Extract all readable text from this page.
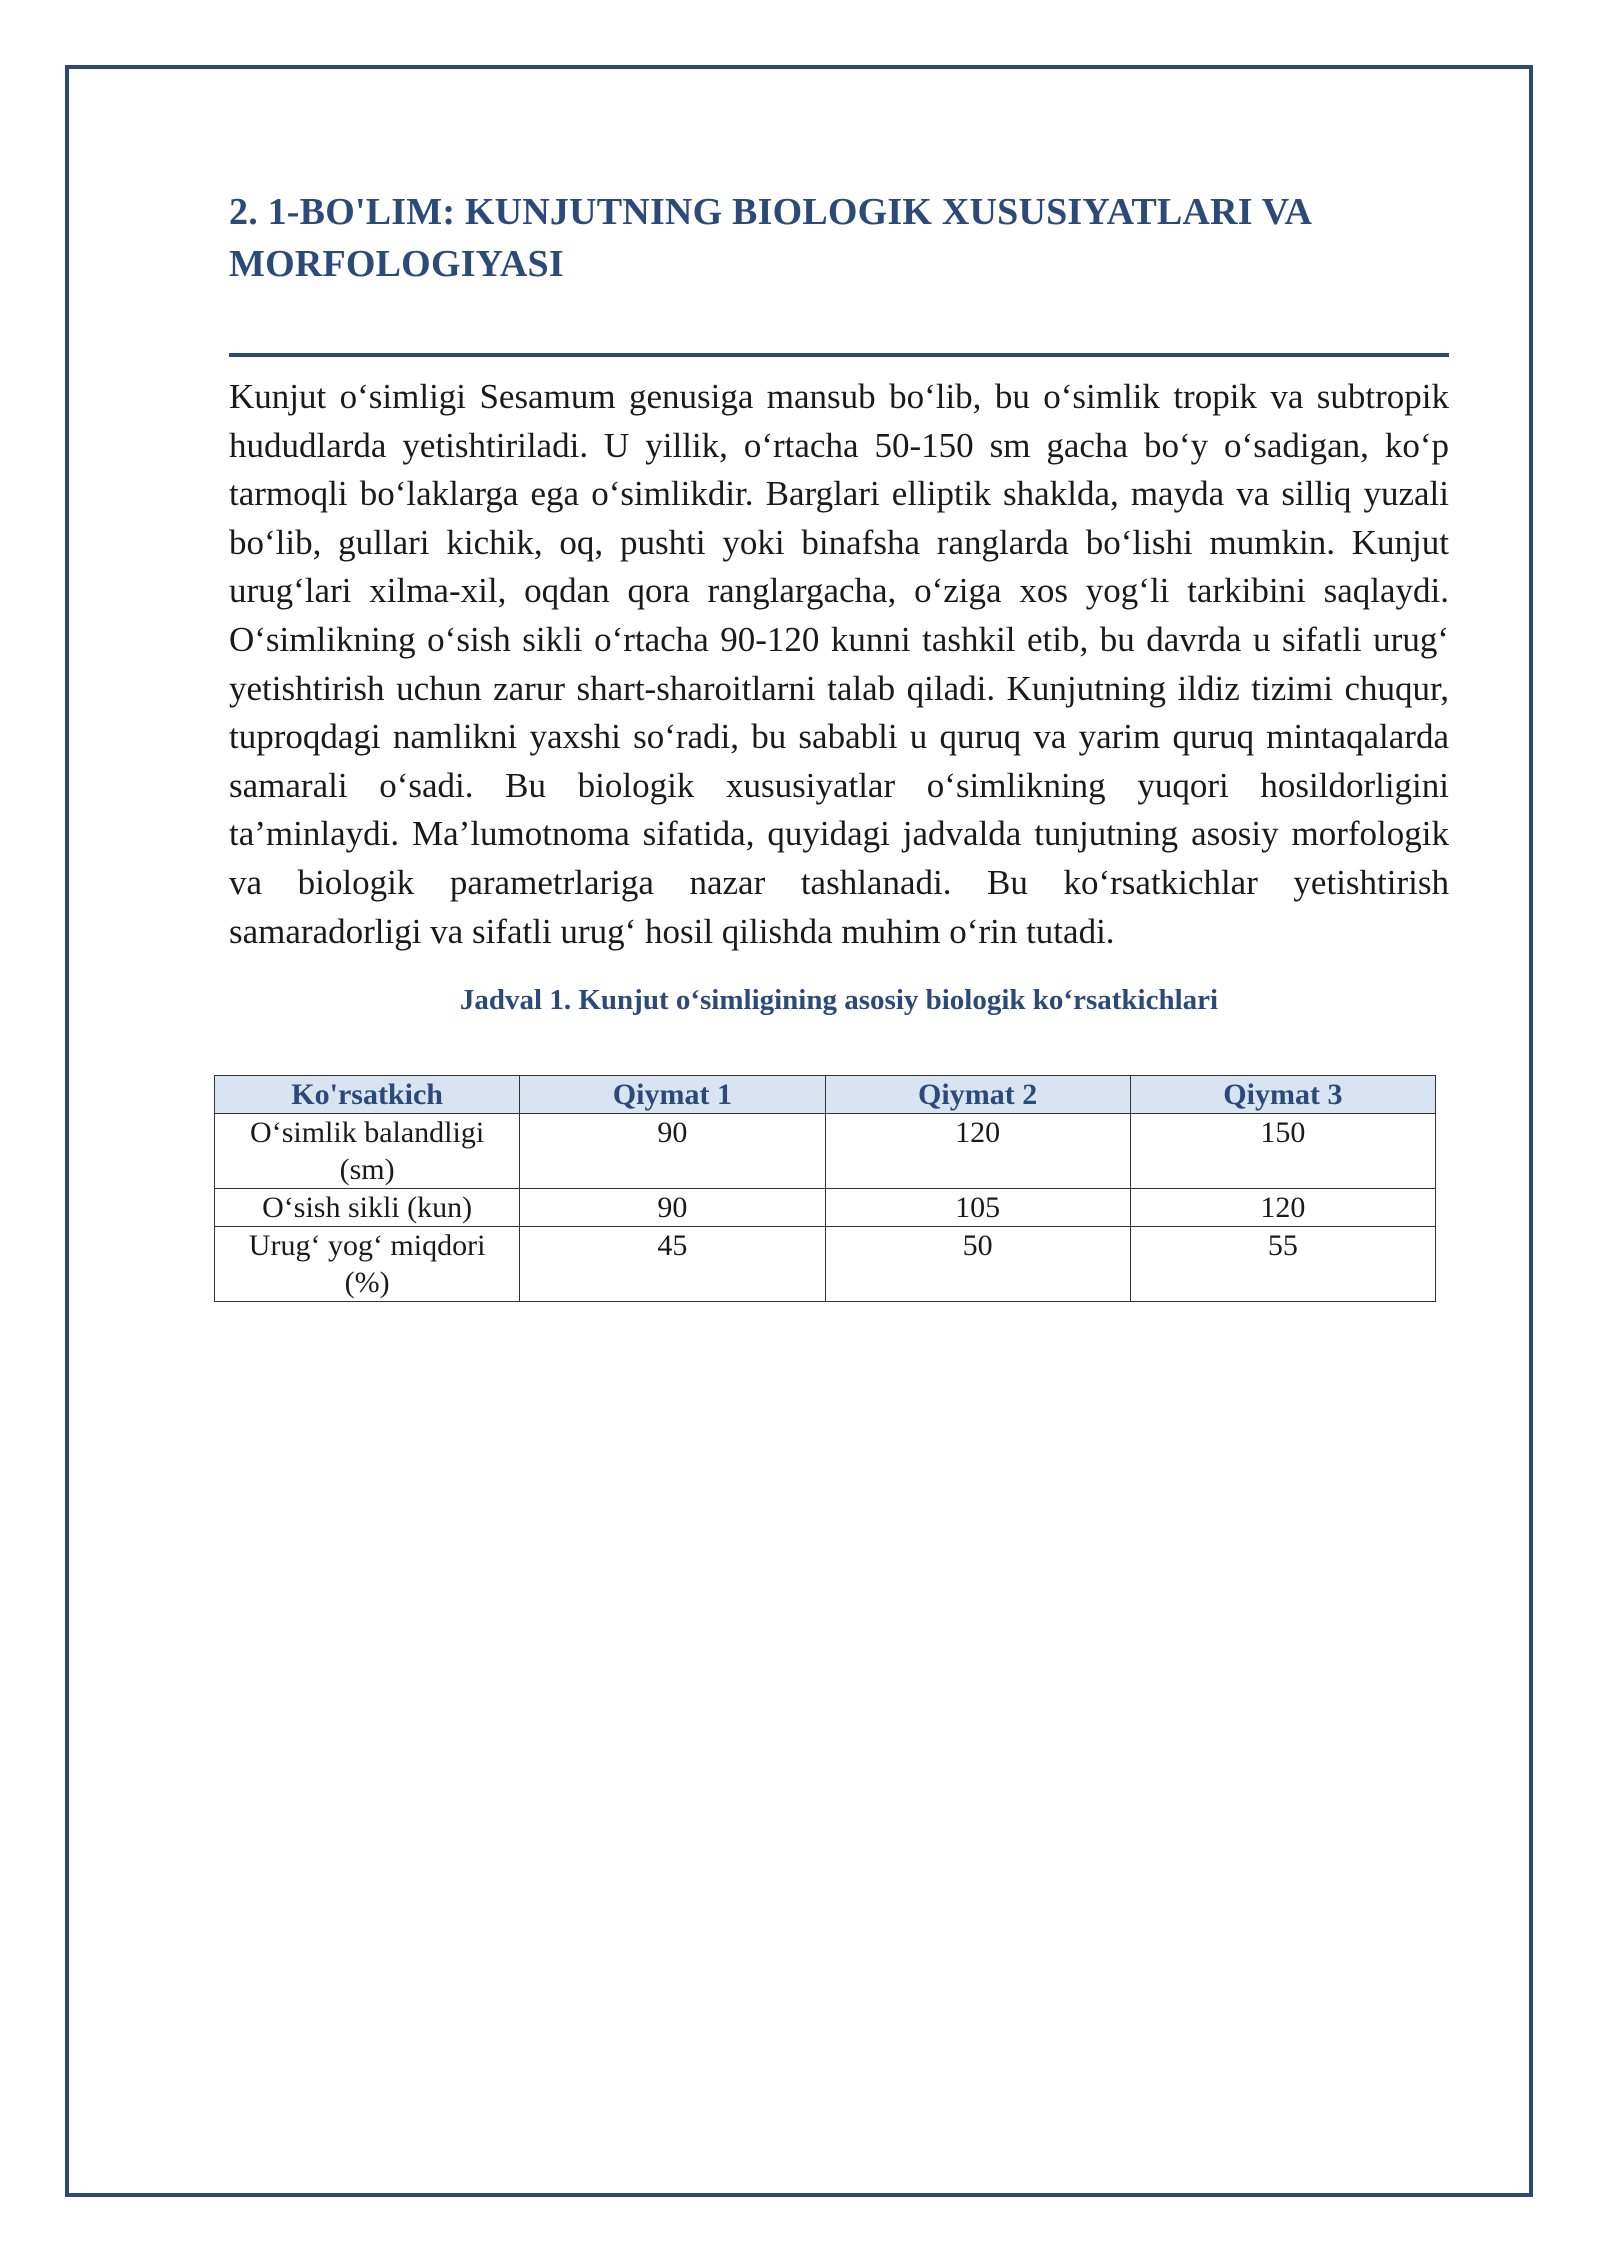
2. 1-BO'LIM: KUNJUTNING BIOLOGIK XUSUSIYATLARI VA MORFOLOGIYASI

Kunjut o‘simligi Sesamum genusiga mansub bo‘lib, bu o‘simlik tropik va subtropik hududlarda yetishtiriladi. U yillik, o‘rtacha 50-150 sm gacha bo‘y o‘sadigan, ko‘p tarmoqli bo‘laklarga ega o‘simlikdir. Barglari elliptik shaklda, mayda va silliq yuzali bo‘lib, gullari kichik, oq, pushti yoki binafsha ranglarda bo‘lishi mumkin. Kunjut urug‘lari xilma-xil, oqdan qora ranglargacha, o‘ziga xos yog‘li tarkibini saqlaydi. O‘simlikning o‘sish sikli o‘rtacha 90-120 kunni tashkil etib, bu davrda u sifatli urug‘ yetishtirish uchun zarur shart-sharoitlarni talab qiladi. Kunjutning ildiz tizimi chuqur, tuproqdagi namlikni yaxshi so‘radi, bu sababli u quruq va yarim quruq mintaqalarda samarali o‘sadi. Bu biologik xususiyatlar o‘simlikning yuqori hosildorligini ta’minlaydi. Ma’lumotnoma sifatida, quyidagi jadvalda tunjutning asosiy morfologik va biologik parametrlariga nazar tashlanadi. Bu ko‘rsatkichlar yetishtirish samaradorligi va sifatli urug‘ hosil qilishda muhim o‘rin tutadi.

Jadval 1. Kunjut o‘simligining asosiy biologik ko‘rsatkichlari

Ko'rsatkich	Qiymat 1	Qiymat 2	Qiymat 3
O‘simlik balandligi (sm)	90	120	150
O‘sish sikli (kun)	90	105	120
Urug‘ yog‘ miqdori (%)	45	50	55
